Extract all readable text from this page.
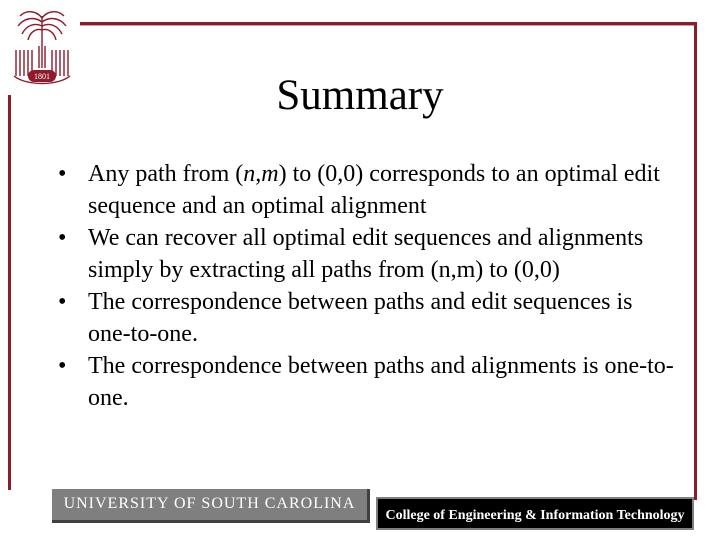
1801	Summary
• Any path from (n,m) to (0,0) corresponds to an optimal edit sequence and an optimal alignment
• We can recover all optimal edit sequences and alignments simply by extracting all paths from (n,m) to (0,0)
• The correspondence between paths and edit sequences is one-to-one.
• The correspondence between paths and alignments is one-to-one.
UNIVERSITY OF SOUTH CAROLINA
College of Engineering & Information Technology
